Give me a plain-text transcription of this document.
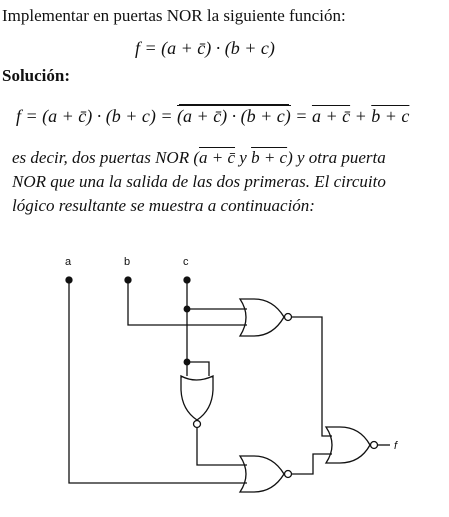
Implementar en puertas NOR la siguiente función:
f = (a + c̄) · (b + c)
Solución:
f = (a + c̄) · (b + c) = (a + c̄) · (b + c) = a + c̄ + b + c
es decir, dos puertas NOR (a + c̄ y b + c) y otra puerta
NOR que una la salida de las dos primeras. El circuito
lógico resultante se muestra a continuación:
a	b	c
f
